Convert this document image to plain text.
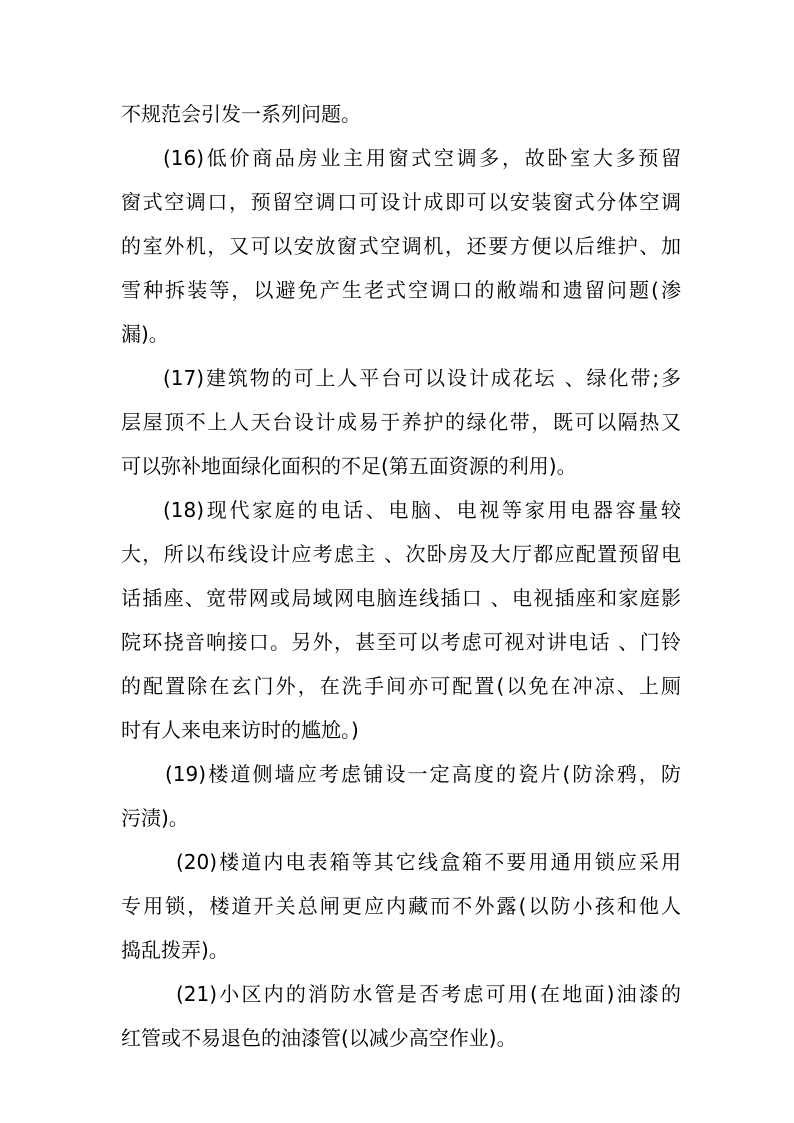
不规范会引发一系列问题。
(16)低价商品房业主用窗式空调多，故卧室大多预留
窗式空调口，预留空调口可设计成即可以安装窗式分体空调
的室外机，又可以安放窗式空调机，还要方便以后维护、加
雪种拆装等，以避免产生老式空调口的敝端和遗留问题(渗
漏)。
(17)建筑物的可上人平台可以设计成花坛 、绿化带;多
层屋顶不上人天台设计成易于养护的绿化带，既可以隔热又
可以弥补地面绿化面积的不足(第五面资源的利用)。
(18)现代家庭的电话、电脑、电视等家用电器容量较
大，所以布线设计应考虑主 、次卧房及大厅都应配置预留电
话插座、宽带网或局域网电脑连线插口 、电视插座和家庭影
院环挠音响接口。另外，甚至可以考虑可视对讲电话 、门铃
的配置除在玄门外，在洗手间亦可配置(以免在冲凉、上厕
时有人来电来访时的尴尬。)
(19)楼道侧墙应考虑铺设一定高度的瓷片(防涂鸦，防
污渍)。
(20)楼道内电表箱等其它线盒箱不要用通用锁应采用
专用锁，楼道开关总闸更应内藏而不外露(以防小孩和他人
捣乱拨弄)。
(21)小区内的消防水管是否考虑可用(在地面)油漆的
红管或不易退色的油漆管(以减少高空作业)。
